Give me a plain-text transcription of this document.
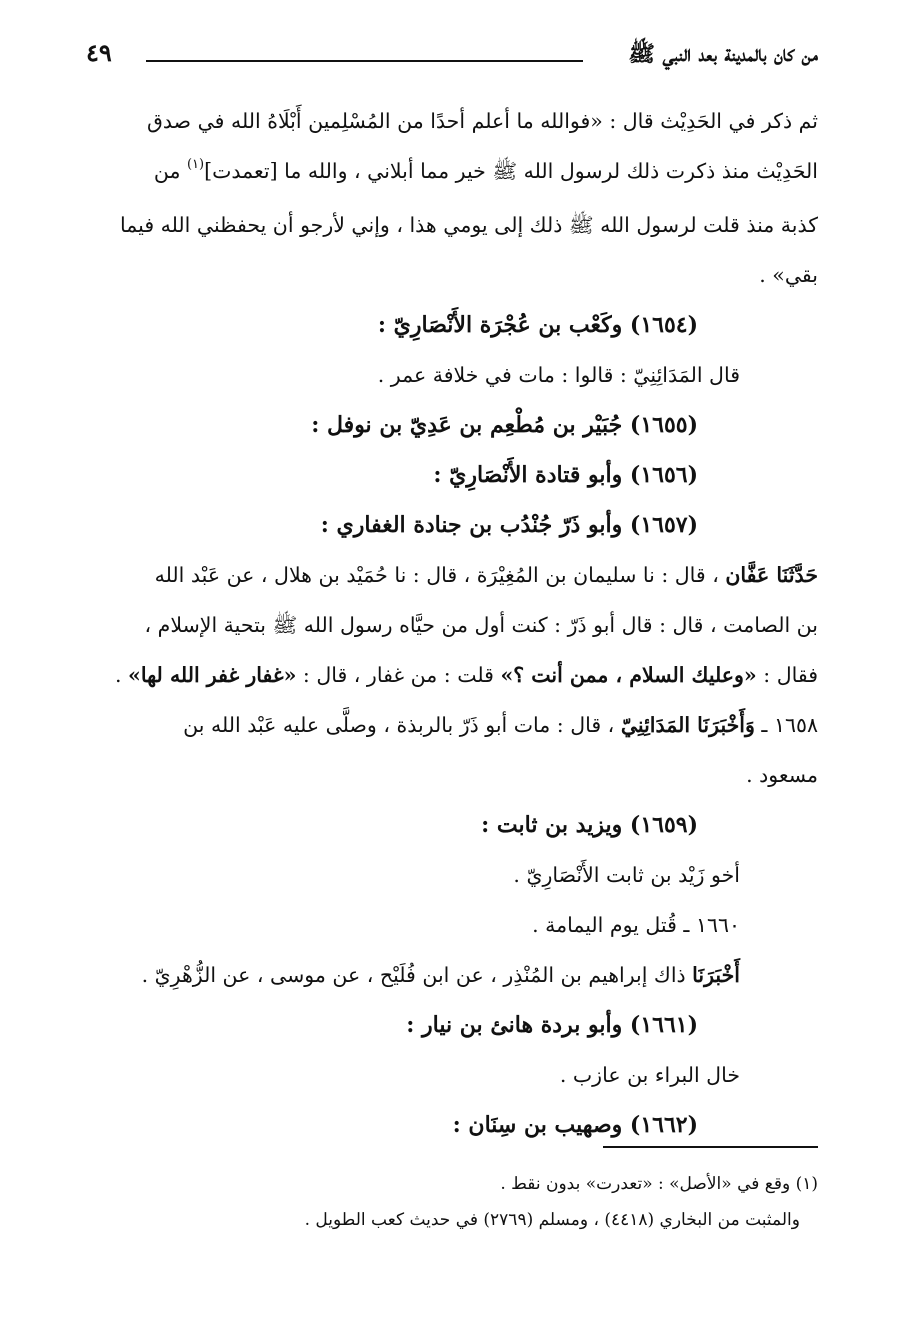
من كان بالمدينة بعد النبي ﷺ
٤٩

ثم ذكر في الحَدِيْث قال : «فوالله ما أعلم أحدًا من المُسْلِمين أَبْلَاهُ الله في صدق

الحَدِيْث منذ ذكرت ذلك لرسول الله ﷺ خير مما أبلاني ، والله ما [تعمدت]$^{(١)}$ من

كذبة منذ قلت لرسول الله ﷺ ذلك إلى يومي هذا ، وإني لأرجو أن يحفظني الله فيما

بقي» .

(١٦٥٤) وكَعْب بن عُجْرَة الأَنْصَارِيّ :

قال المَدَائِنِيّ : قالوا : مات في خلافة عمر .

(١٦٥٥) جُبَيْر بن مُطْعِم بن عَدِيّ بن نوفل :

(١٦٥٦) وأبو قتادة الأَنْصَارِيّ :

(١٦٥٧) وأبو ذَرّ جُنْدُب بن جنادة الغفاري :

حَدَّثَنَا عَفَّان ، قال : نا سليمان بن المُغِيْرَة ، قال : نا حُمَيْد بن هلال ، عن عَبْد الله

بن الصامت ، قال : قال أبو ذَرّ : كنت أول من حيَّاه رسول الله ﷺ بتحية الإسلام ،

فقال : «وعليك السلام ، ممن أنت ؟» قلت : من غفار ، قال : «غفار غفر الله لها» .

١٦٥٨ ـ وَأَخْبَرَنَا المَدَائِنِيّ ، قال : مات أبو ذَرّ بالربذة ، وصلَّى عليه عَبْد الله بن

مسعود .

(١٦٥٩) ويزيد بن ثابت :

أخو زَيْد بن ثابت الأَنْصَارِيّ .

١٦٦٠ ـ قُتل يوم اليمامة .

أَخْبَرَنَا ذاك إبراهيم بن المُنْذِر ، عن ابن فُلَيْح ، عن موسى ، عن الزُّهْرِيّ .

(١٦٦١) وأبو بردة هانئ بن نيار :

خال البراء بن عازب .

(١٦٦٢) وصهيب بن سِنَان :

(١) وقع في «الأصل» : «تعدرت» بدون نقط .

والمثبت من البخاري (٤٤١٨) ، ومسلم (٢٧٦٩) في حديث كعب الطويل .
